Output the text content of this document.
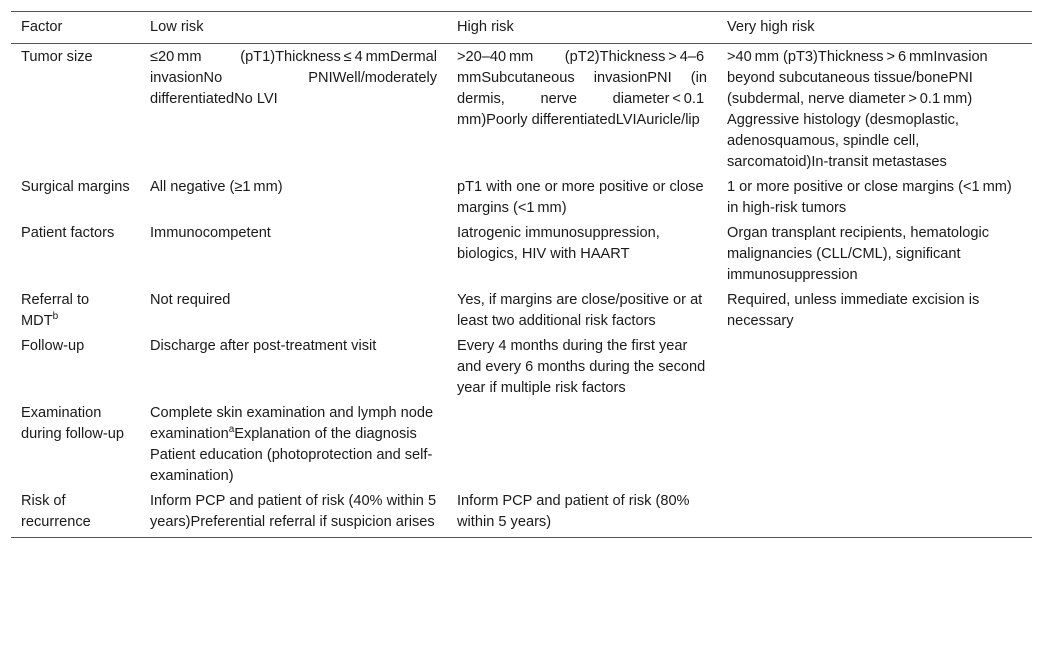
Factor	Low risk	High risk	Very high risk
Tumor size	≤20 mm (pT1)Thickness ≤ 4 mmDermal invasionNo PNIWell/moderately differentiatedNo LVI	>20–40 mm (pT2)Thickness > 4–6 mmSubcutaneous invasionPNI (in dermis, nerve diameter < 0.1 mm)Poorly differentiatedLVIAuricle/lip	>40 mm (pT3)Thickness > 6 mmInvasion beyond subcutaneous tissue/bonePNI (subdermal, nerve diameter > 0.1 mm) Aggressive histology (desmoplastic, adenosquamous, spindle cell, sarcomatoid)In-transit metastases
Surgical margins	All negative (≥1 mm)	pT1 with one or more positive or close margins (<1 mm)	1 or more positive or close margins (<1 mm) in high-risk tumors
Patient factors	Immunocompetent	Iatrogenic immunosuppression, biologics, HIV with HAART	Organ transplant recipients, hematologic malignancies (CLL/CML), significant immunosuppression
Referral to MDT$^b$	Not required	Yes, if margins are close/positive or at least two additional risk factors	Required, unless immediate excision is necessary
Follow-up	Discharge after post-treatment visit	Every 4 months during the first year and every 6 months during the second year if multiple risk factors	
Examination during follow-up	Complete skin examination and lymph node examination$^a$Explanation of the diagnosis Patient education (photoprotection and self-examination)		
Risk of recurrence	Inform PCP and patient of risk (40% within 5 years)Preferential referral if suspicion arises	Inform PCP and patient of risk (80% within 5 years)	
